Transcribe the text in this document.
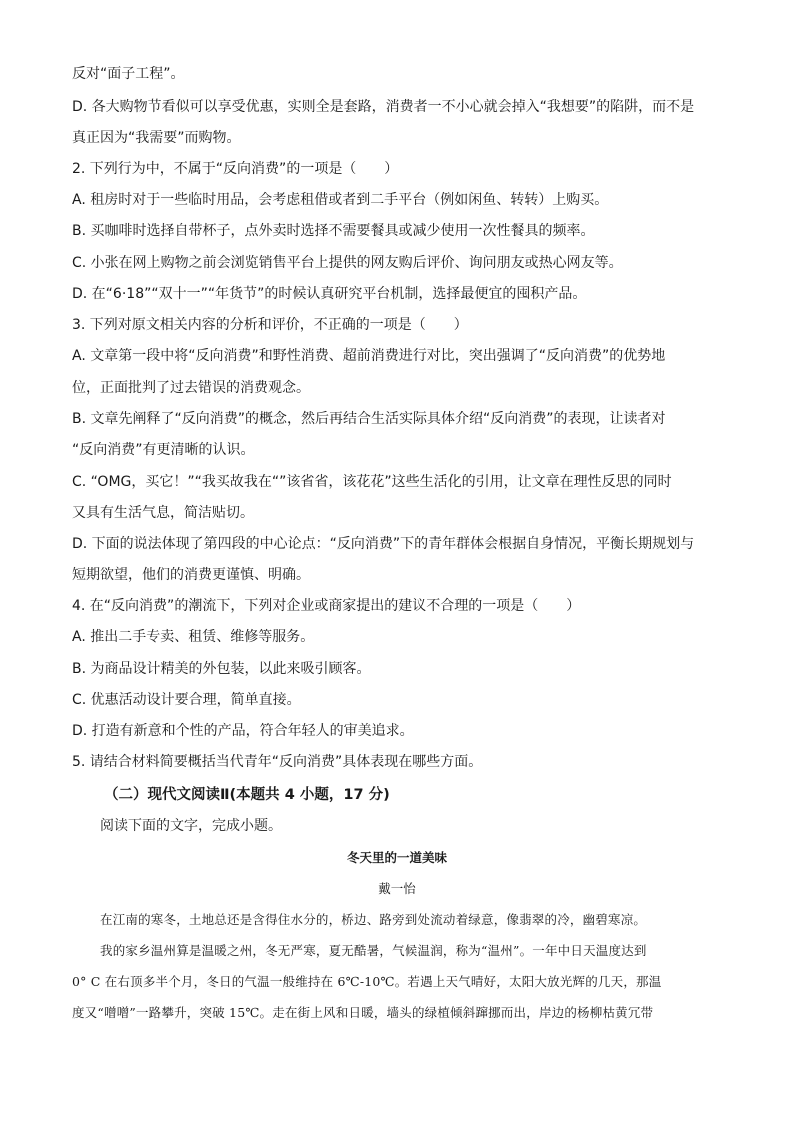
反对“面子工程”。
D. 各大购物节看似可以享受优惠，实则全是套路，消费者一不小心就会掉入“我想要”的陷阱，而不是
真正因为“我需要”而购物。
2. 下列行为中，不属于“反向消费”的一项是（　　）
A. 租房时对于一些临时用品，会考虑租借或者到二手平台（例如闲鱼、转转）上购买。
B. 买咖啡时选择自带杯子，点外卖时选择不需要餐具或减少使用一次性餐具的频率。
C. 小张在网上购物之前会浏览销售平台上提供的网友购后评价、询问朋友或热心网友等。
D. 在“6·18”“双十一”“年货节”的时候认真研究平台机制，选择最便宜的囤积产品。
3. 下列对原文相关内容的分析和评价，不正确的一项是（　　）
A. 文章第一段中将“反向消费”和野性消费、超前消费进行对比，突出强调了“反向消费”的优势地
位，正面批判了过去错误的消费观念。
B. 文章先阐释了“反向消费”的概念，然后再结合生活实际具体介绍“反向消费”的表现，让读者对
“反向消费”有更清晰的认识。
C. “OMG，买它！”“我买故我在“”该省省，该花花”这些生活化的引用，让文章在理性反思的同时
又具有生活气息，简洁贴切。
D. 下面的说法体现了第四段的中心论点：“反向消费”下的青年群体会根据自身情况，平衡长期规划与
短期欲望，他们的消费更谨慎、明确。
4. 在“反向消费”的潮流下，下列对企业或商家提出的建议不合理的一项是（　　）
A. 推出二手专卖、租赁、维修等服务。
B. 为商品设计精美的外包装，以此来吸引顾客。
C. 优惠活动设计要合理，简单直接。
D. 打造有新意和个性的产品，符合年轻人的审美追求。
5. 请结合材料简要概括当代青年“反向消费”具体表现在哪些方面。
（二）现代文阅读Ⅱ(本题共 4 小题，17 分)
阅读下面的文字，完成小题。
冬天里的一道美味
戴一怡
在江南的寒冬，土地总还是含得住水分的，桥边、路旁到处流动着绿意，像翡翠的冷，幽碧寒凉。
我的家乡温州算是温暖之州，冬无严寒，夏无酷暑，气候温润，称为“温州”。一年中日天温度达到
0° C 在右顶多半个月，冬日的气温一般维持在 6℃-10℃。若遇上天气晴好，太阳大放光辉的几天，那温
度又“噌噌”一路攀升，突破 15℃。走在街上风和日暖，墙头的绿植倾斜蹿挪而出，岸边的杨柳枯黄冗带
